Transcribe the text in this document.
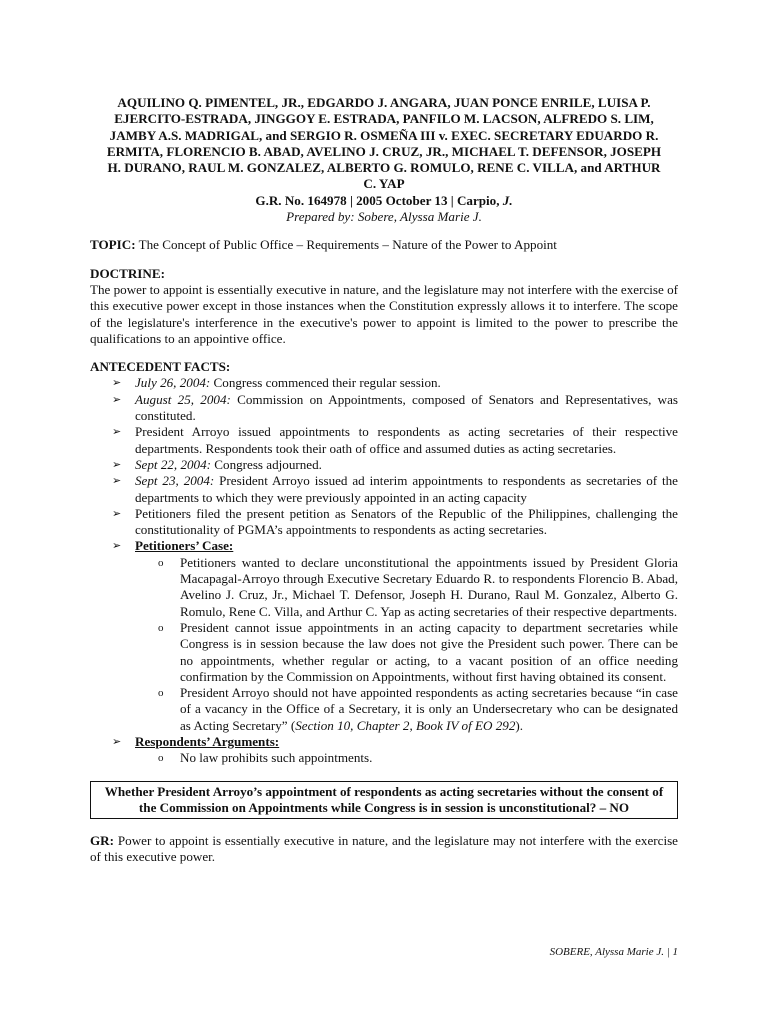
AQUILINO Q. PIMENTEL, JR., EDGARDO J. ANGARA, JUAN PONCE ENRILE, LUISA P.
EJERCITO-ESTRADA, JINGGOY E. ESTRADA, PANFILO M. LACSON, ALFREDO S. LIM,
JAMBY A.S. MADRIGAL, and SERGIO R. OSMEÑA III v. EXEC. SECRETARY EDUARDO R.
ERMITA, FLORENCIO B. ABAD, AVELINO J. CRUZ, JR., MICHAEL T. DEFENSOR, JOSEPH
H. DURANO, RAUL M. GONZALEZ, ALBERTO G. ROMULO, RENE C. VILLA, and ARTHUR
C. YAP
G.R. No. 164978 | 2005 October 13 | Carpio, J.
Prepared by: Sobere, Alyssa Marie J.
TOPIC: The Concept of Public Office – Requirements – Nature of the Power to Appoint
DOCTRINE:
The power to appoint is essentially executive in nature, and the legislature may not interfere with the exercise of this executive power except in those instances when the Constitution expressly allows it to interfere. The scope of the legislature's interference in the executive's power to appoint is limited to the power to prescribe the qualifications to an appointive office.
ANTECEDENT FACTS:
➢ July 26, 2004: Congress commenced their regular session.
➢ August 25, 2004: Commission on Appointments, composed of Senators and Representatives, was constituted.
➢ President Arroyo issued appointments to respondents as acting secretaries of their respective departments. Respondents took their oath of office and assumed duties as acting secretaries.
➢ Sept 22, 2004: Congress adjourned.
➢ Sept 23, 2004: President Arroyo issued ad interim appointments to respondents as secretaries of the departments to which they were previously appointed in an acting capacity
➢ Petitioners filed the present petition as Senators of the Republic of the Philippines, challenging the constitutionality of PGMA’s appointments to respondents as acting secretaries.
➢ Petitioners’ Case:
o Petitioners wanted to declare unconstitutional the appointments issued by President Gloria Macapagal-Arroyo through Executive Secretary Eduardo R. to respondents Florencio B. Abad, Avelino J. Cruz, Jr., Michael T. Defensor, Joseph H. Durano, Raul M. Gonzalez, Alberto G. Romulo, Rene C. Villa, and Arthur C. Yap as acting secretaries of their respective departments.
o President cannot issue appointments in an acting capacity to department secretaries while Congress is in session because the law does not give the President such power. There can be no appointments, whether regular or acting, to a vacant position of an office needing confirmation by the Commission on Appointments, without first having obtained its consent.
o President Arroyo should not have appointed respondents as acting secretaries because “in case of a vacancy in the Office of a Secretary, it is only an Undersecretary who can be designated as Acting Secretary” (Section 10, Chapter 2, Book IV of EO 292).
➢ Respondents’ Arguments:
o No law prohibits such appointments.
Whether President Arroyo’s appointment of respondents as acting secretaries without the consent of the Commission on Appointments while Congress is in session is unconstitutional? – NO
GR: Power to appoint is essentially executive in nature, and the legislature may not interfere with the exercise of this executive power.
SOBERE, Alyssa Marie J. | 1
